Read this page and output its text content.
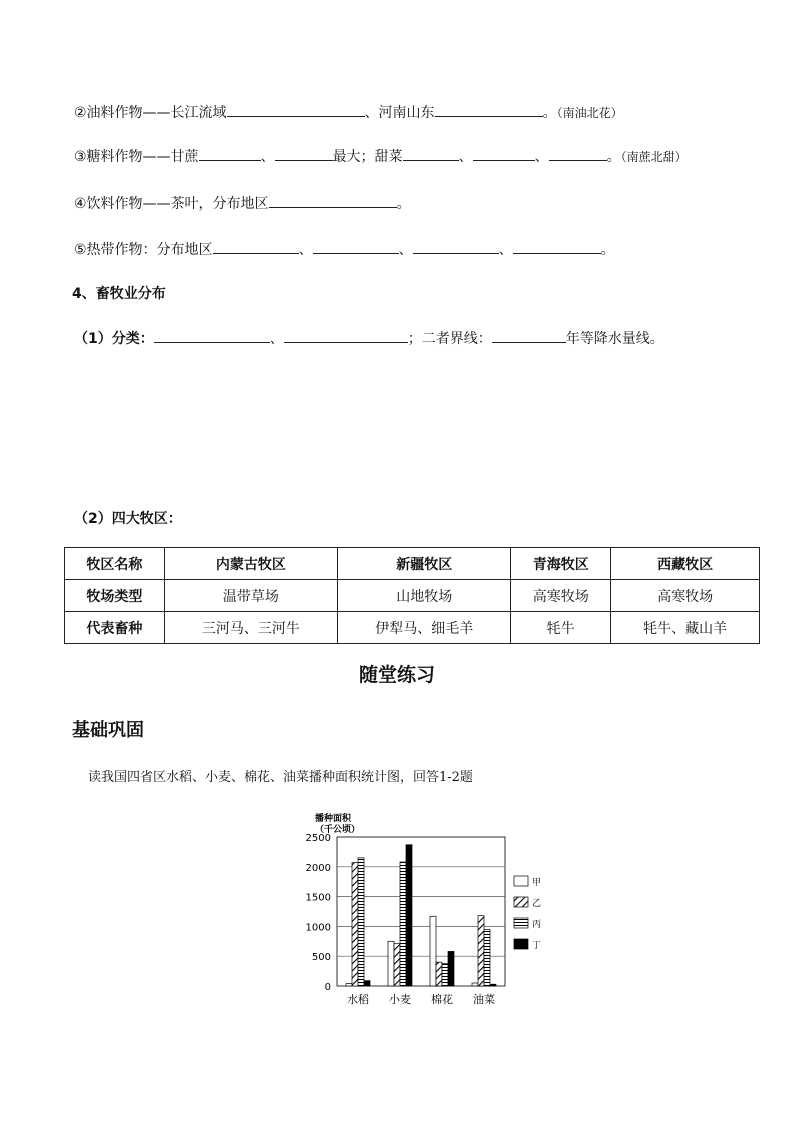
②油料作物——长江流域	、河南山东	。（南油北花）
③糖料作物——甘蔗	、	最大；甜菜	、	、	。（南蔗北甜）
④饮料作物——茶叶，分布地区	。
⑤热带作物：分布地区	、	、	、	。
4、畜牧业分布
（1）分类：	、	；二者界线：	年等降水量线。
（2）四大牧区：
牧区名称	内蒙古牧区	新疆牧区	青海牧区	西藏牧区
牧场类型	温带草场	山地牧场	高寒牧场	高寒牧场
代表畜种	三河马、三河牛	伊犁马、细毛羊	牦牛	牦牛、藏山羊
随堂练习
基础巩固
读我国四省区水稻、小麦、棉花、油菜播种面积统计图，回答1-2题
0
500
1000
1500
2000
2500
播种面积
（千公顷）
水稻 小麦 棉花 油菜
甲
乙
丙
丁
